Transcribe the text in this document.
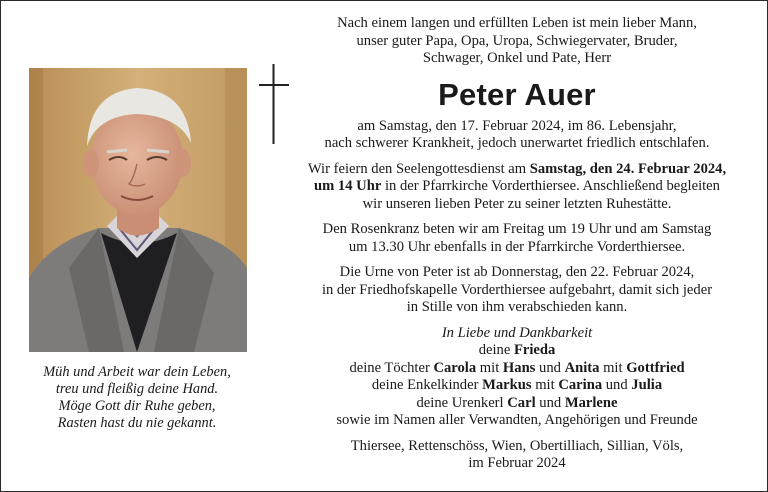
Müh und Arbeit war dein Leben,
treu und fleißig deine Hand.
Möge Gott dir Ruhe geben,
Rasten hast du nie gekannt.

Nach einem langen und erfüllten Leben ist mein lieber Mann,
unser guter Papa, Opa, Uropa, Schwiegervater, Bruder,
Schwager, Onkel und Pate, Herr

Peter Auer

am Samstag, den 17. Februar 2024, im 86. Lebensjahr,
nach schwerer Krankheit, jedoch unerwartet friedlich entschlafen.

Wir feiern den Seelengottesdienst am Samstag, den 24. Februar 2024,
um 14 Uhr in der Pfarrkirche Vorderthiersee. Anschließend begleiten
wir unseren lieben Peter zu seiner letzten Ruhestätte.

Den Rosenkranz beten wir am Freitag um 19 Uhr und am Samstag
um 13.30 Uhr ebenfalls in der Pfarrkirche Vorderthiersee.

Die Urne von Peter ist ab Donnerstag, den 22. Februar 2024,
in der Friedhofskapelle Vorderthiersee aufgebahrt, damit sich jeder
in Stille von ihm verabschieden kann.

In Liebe und Dankbarkeit
deine Frieda
deine Töchter Carola mit Hans und Anita mit Gottfried
deine Enkelkinder Markus mit Carina und Julia
deine Urenkerl Carl und Marlene
sowie im Namen aller Verwandten, Angehörigen und Freunde

Thiersee, Rettenschöss, Wien, Obertilliach, Sillian, Völs,
im Februar 2024
